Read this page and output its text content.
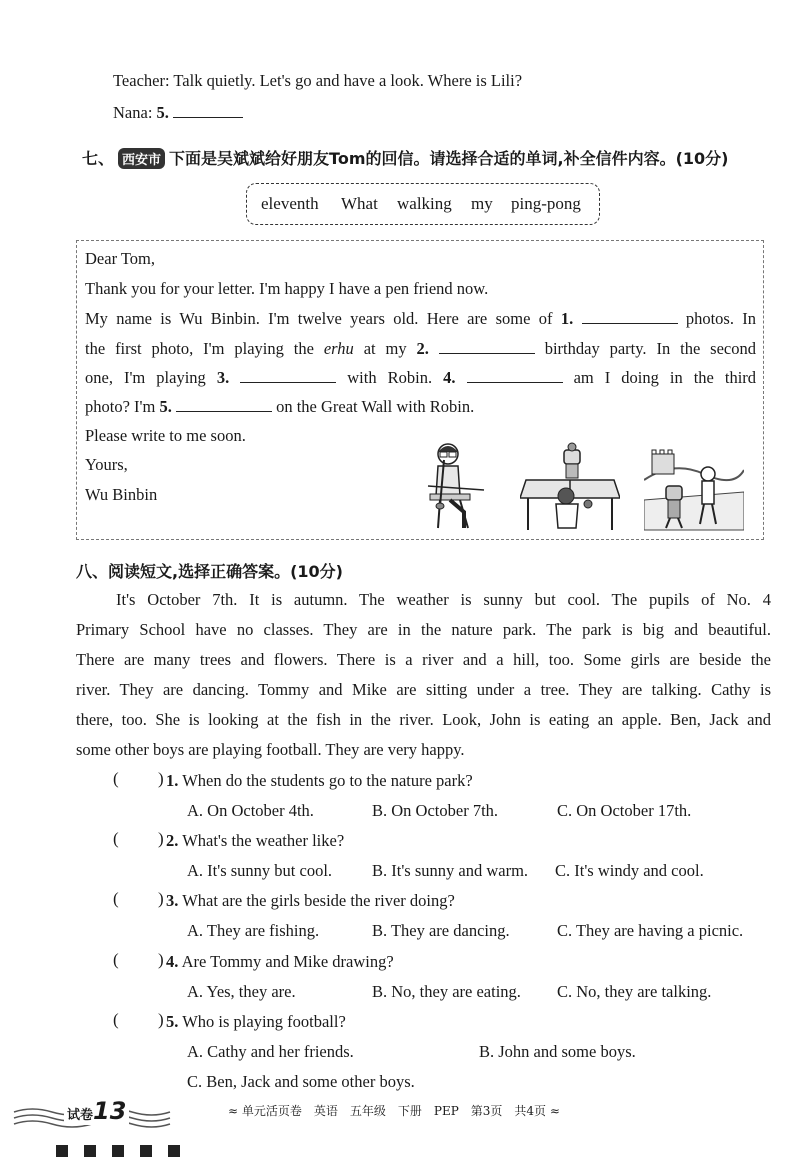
Teacher: Talk quietly. Let's go and have a look. Where is Lili?
Nana: 5.
七、 西安市 下面是吴斌斌给好朋友Tom的回信。请选择合适的单词,补全信件内容。(10分)
eleventh What walking my ping-pong
Dear Tom,
Thank you for your letter. I'm happy I have a pen friend now.
My name is Wu Binbin. I'm twelve years old. Here are some of 1.	photos. In
the first photo, I'm playing the erhu at my 2.	birthday party. In the second
one, I'm playing 3.	with Robin. 4.	am I doing in the third
photo? I'm 5.	on the Great Wall with Robin.
Please write to me soon.
Yours,
Wu Binbin
八、阅读短文,选择正确答案。(10分)
It's October 7th. It is autumn. The weather is sunny but cool. The pupils of No. 4
Primary School have no classes. They are in the nature park. The park is big and beautiful.
There are many trees and flowers. There is a river and a hill, too. Some girls are beside the
river. They are dancing. Tommy and Mike are sitting under a tree. They are talking. Cathy is
there, too. She is looking at the fish in the river. Look, John is eating an apple. Ben, Jack and
some other boys are playing football. They are very happy.
( ) 1. When do the students go to the nature park?
A. On October 4th.	B. On October 7th.	C. On October 17th.
( ) 2. What's the weather like?
A. It's sunny but cool. B. It's sunny and warm. C. It's windy and cool.
( ) 3. What are the girls beside the river doing?
A. They are fishing.	B. They are dancing.	C. They are having a picnic.
( ) 4. Are Tommy and Mike drawing?
A. Yes, they are.	B. No, they are eating. C. No, they are talking.
( ) 5. Who is playing football?
A. Cathy and her friends.	B. John and some boys.
C. Ben, Jack and some other boys.
试卷13	≈ 单元活页卷　英语　五年级　下册　PEP　第3页　共4页 ≈
